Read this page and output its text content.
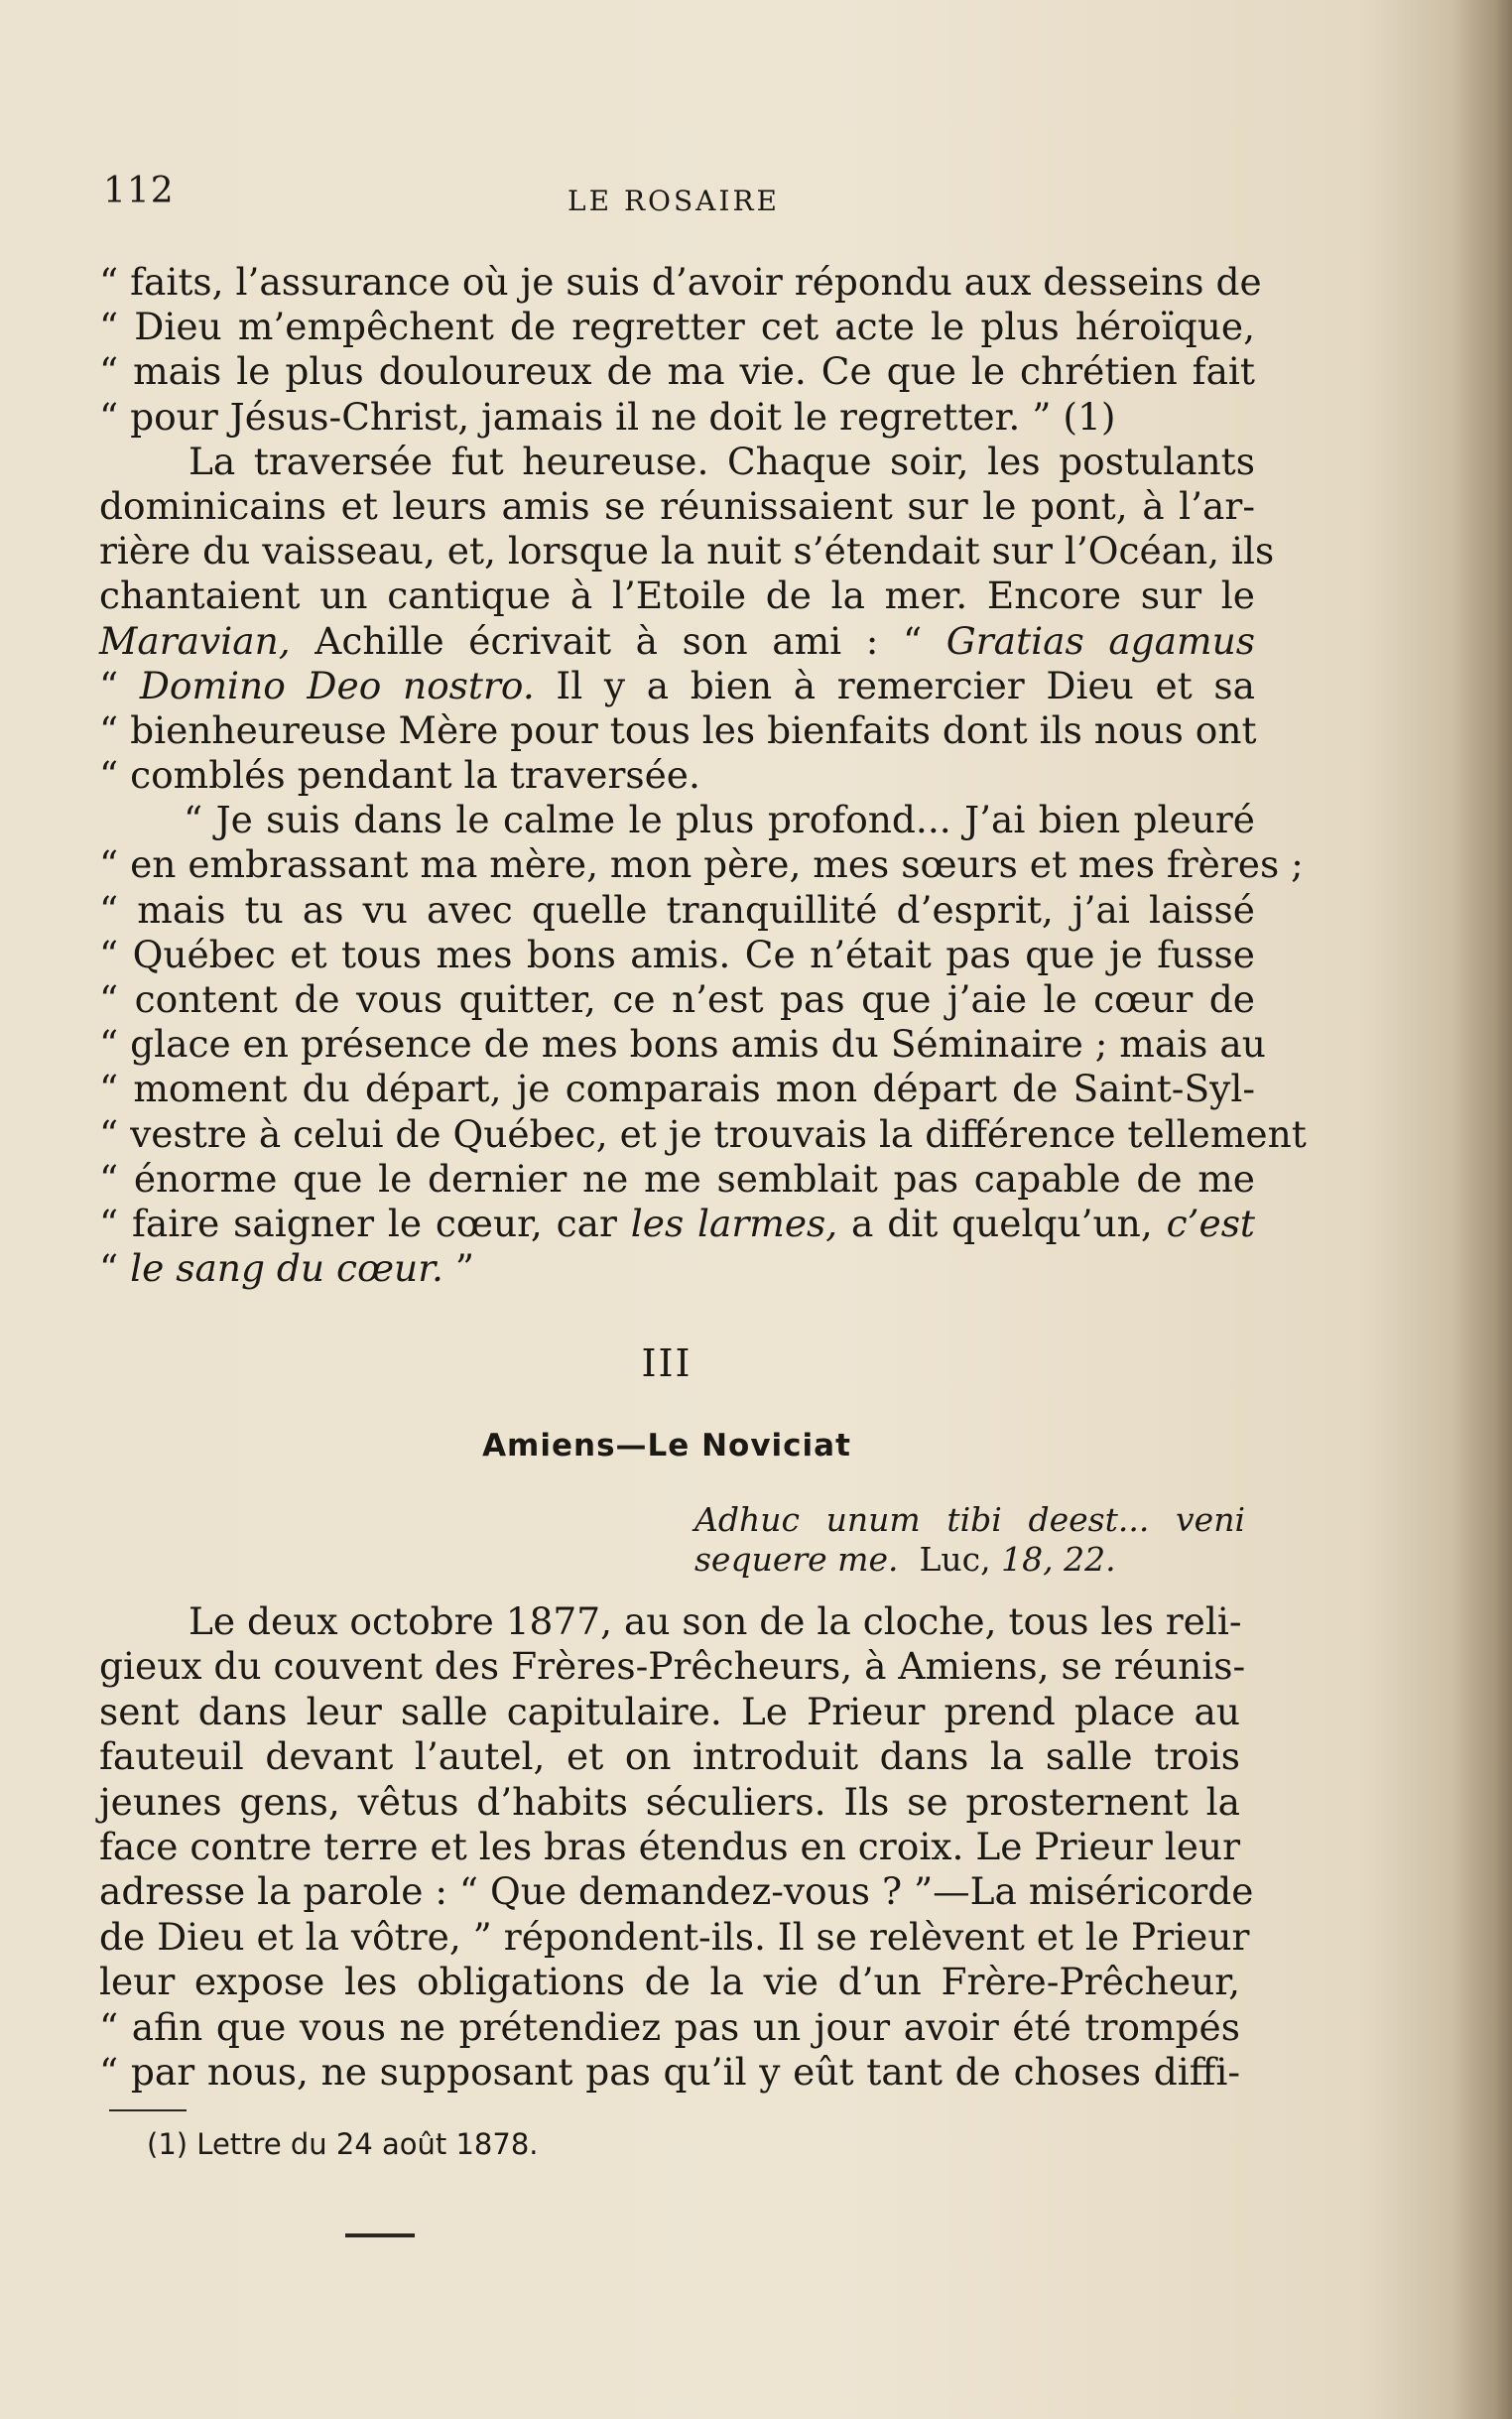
112	LE ROSAIRE
“ faits, l’assurance où je suis d’avoir répondu aux desseins de
“ Dieu m’empêchent de regretter cet acte le plus héroïque,
“ mais le plus douloureux de ma vie. Ce que le chrétien fait
“ pour Jésus-Christ, jamais il ne doit le regretter. ” (1)
La traversée fut heureuse. Chaque soir, les postulants
dominicains et leurs amis se réunissaient sur le pont, à l’ar-
rière du vaisseau, et, lorsque la nuit s’étendait sur l’Océan, ils
chantaient un cantique à l’Etoile de la mer. Encore sur le
Maravian, Achille écrivait à son ami : “ Gratias agamus
“ Domino Deo nostro. Il y a bien à remercier Dieu et sa
“ bienheureuse Mère pour tous les bienfaits dont ils nous ont
“ comblés pendant la traversée.
“ Je suis dans le calme le plus profond... J’ai bien pleuré
“ en embrassant ma mère, mon père, mes sœurs et mes frères ;
“ mais tu as vu avec quelle tranquillité d’esprit, j’ai laissé
“ Québec et tous mes bons amis. Ce n’était pas que je fusse
“ content de vous quitter, ce n’est pas que j’aie le cœur de
“ glace en présence de mes bons amis du Séminaire ; mais au
“ moment du départ, je comparais mon départ de Saint-Syl-
“ vestre à celui de Québec, et je trouvais la différence tellement
“ énorme que le dernier ne me semblait pas capable de me
“ faire saigner le cœur, car les larmes, a dit quelqu’un, c’est
“ le sang du cœur. ”
III
Amiens—Le Noviciat
Adhuc unum tibi deest... veni
sequere me. Luc, 18, 22.
Le deux octobre 1877, au son de la cloche, tous les reli-
gieux du couvent des Frères-Prêcheurs, à Amiens, se réunis-
sent dans leur salle capitulaire. Le Prieur prend place au
fauteuil devant l’autel, et on introduit dans la salle trois
jeunes gens, vêtus d’habits séculiers. Ils se prosternent la
face contre terre et les bras étendus en croix. Le Prieur leur
adresse la parole : “ Que demandez-vous ? ”—La miséricorde
de Dieu et la vôtre, ” répondent-ils. Il se relèvent et le Prieur
leur expose les obligations de la vie d’un Frère-Prêcheur,
“ afin que vous ne prétendiez pas un jour avoir été trompés
“ par nous, ne supposant pas qu’il y eût tant de choses diffi-
(1) Lettre du 24 août 1878.
